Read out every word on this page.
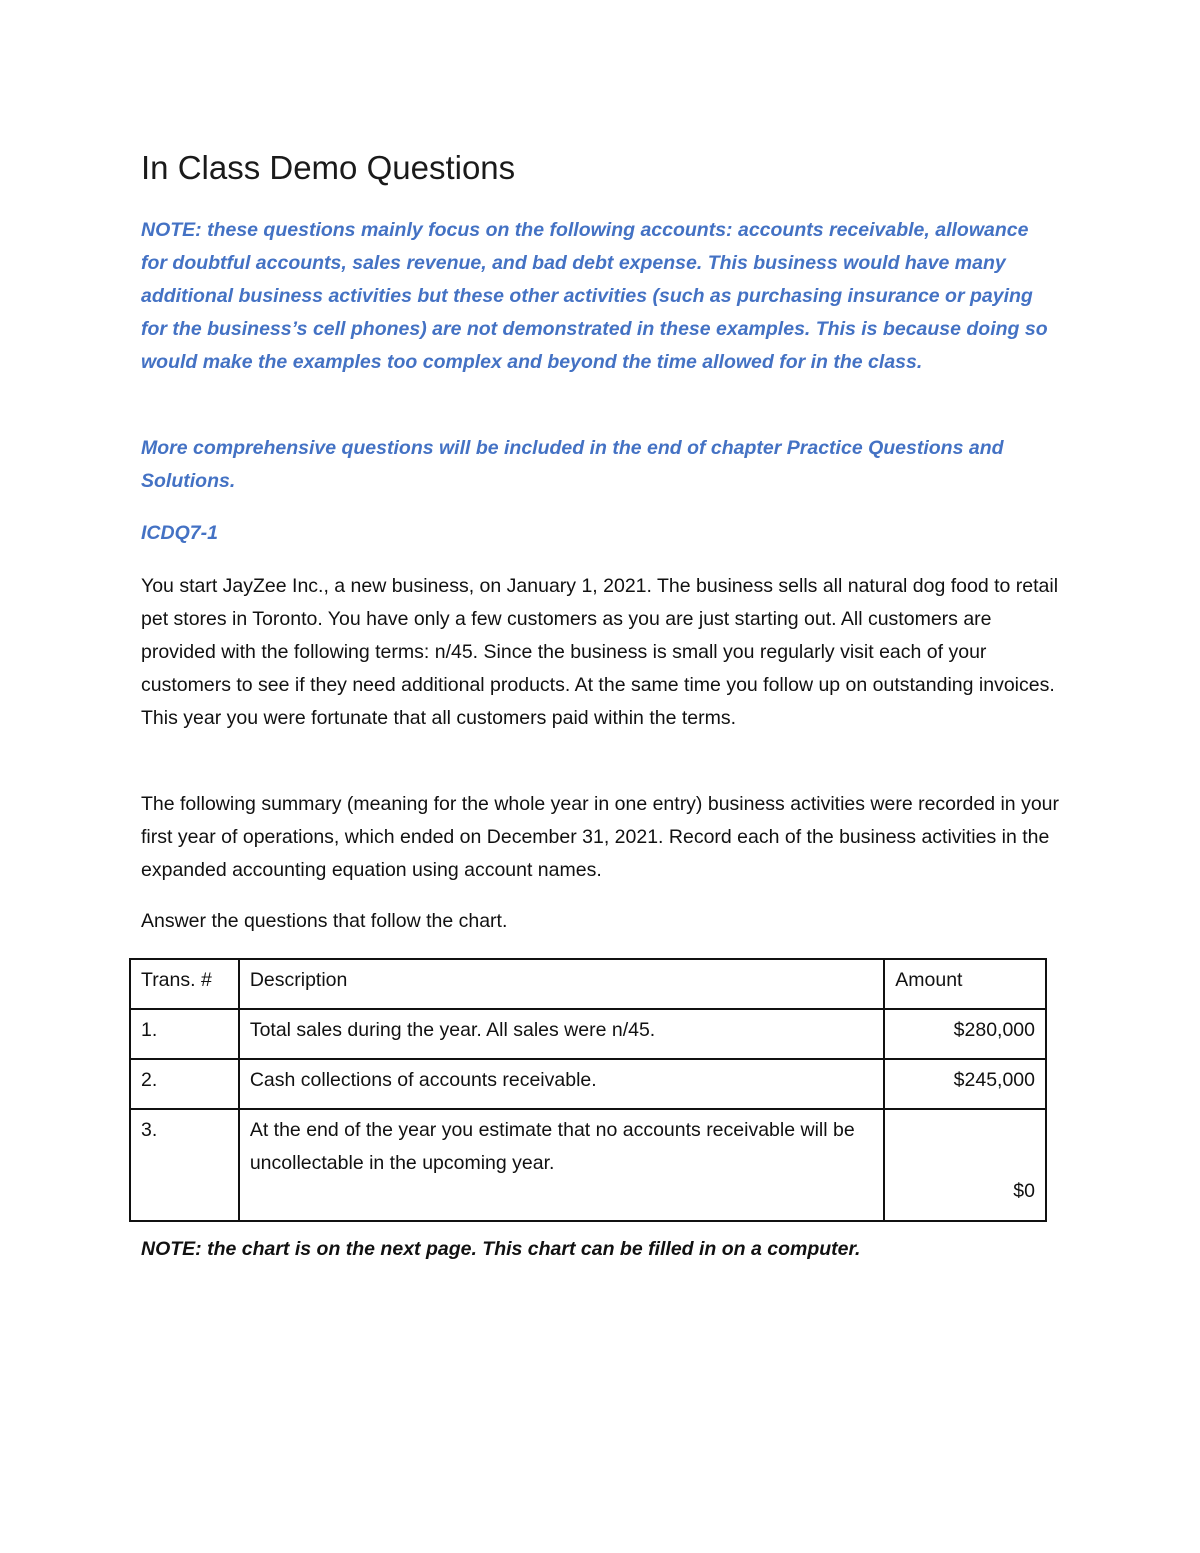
In Class Demo Questions

NOTE: these questions mainly focus on the following accounts: accounts receivable, allowance for doubtful accounts, sales revenue, and bad debt expense. This business would have many additional business activities but these other activities (such as purchasing insurance or paying for the business’s cell phones) are not demonstrated in these examples. This is because doing so would make the examples too complex and beyond the time allowed for in the class.

More comprehensive questions will be included in the end of chapter Practice Questions and Solutions.

ICDQ7-1

You start JayZee Inc., a new business, on January 1, 2021. The business sells all natural dog food to retail pet stores in Toronto. You have only a few customers as you are just starting out. All customers are provided with the following terms: n/45. Since the business is small you regularly visit each of your customers to see if they need additional products. At the same time you follow up on outstanding invoices. This year you were fortunate that all customers paid within the terms.

The following summary (meaning for the whole year in one entry) business activities were recorded in your first year of operations, which ended on December 31, 2021. Record each of the business activities in the expanded accounting equation using account names.

Answer the questions that follow the chart.

Trans. #	Description	Amount
1.	Total sales during the year. All sales were n/45.	$280,000
2.	Cash collections of accounts receivable.	$245,000
3.	At the end of the year you estimate that no accounts receivable will be uncollectable in the upcoming year.	$0

NOTE: the chart is on the next page. This chart can be filled in on a computer.
